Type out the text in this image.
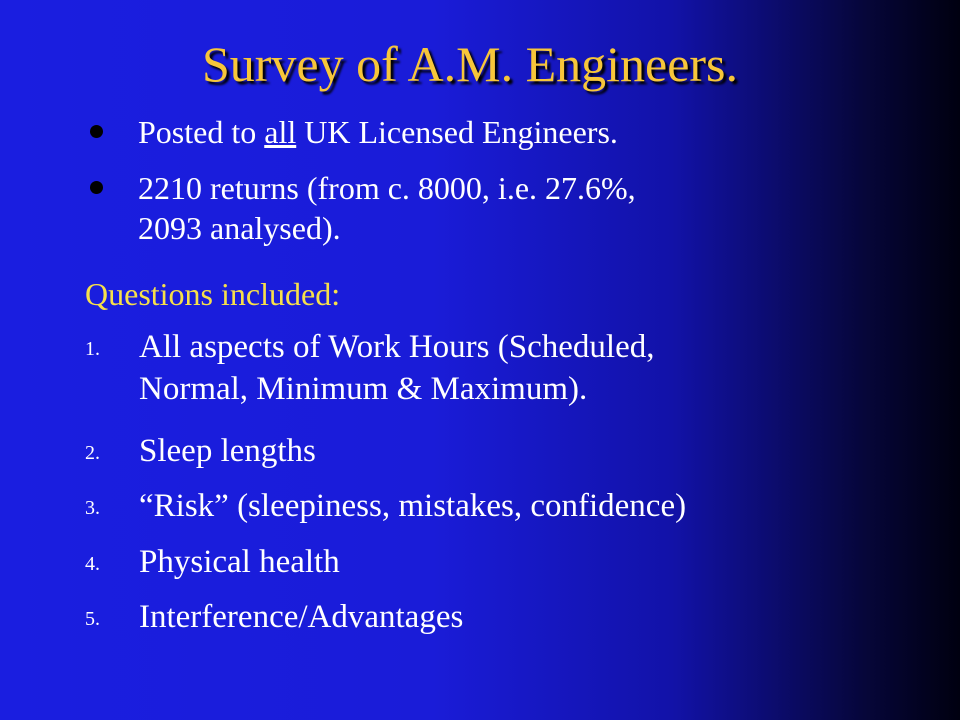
Survey of A.M. Engineers.
Posted to all UK Licensed Engineers.
2210 returns (from c. 8000, i.e. 27.6%,
2093 analysed).
Questions included:
1. All aspects of Work Hours (Scheduled,
Normal, Minimum & Maximum).
2. Sleep lengths
3. “Risk” (sleepiness, mistakes, confidence)
4. Physical health
5. Interference/Advantages
